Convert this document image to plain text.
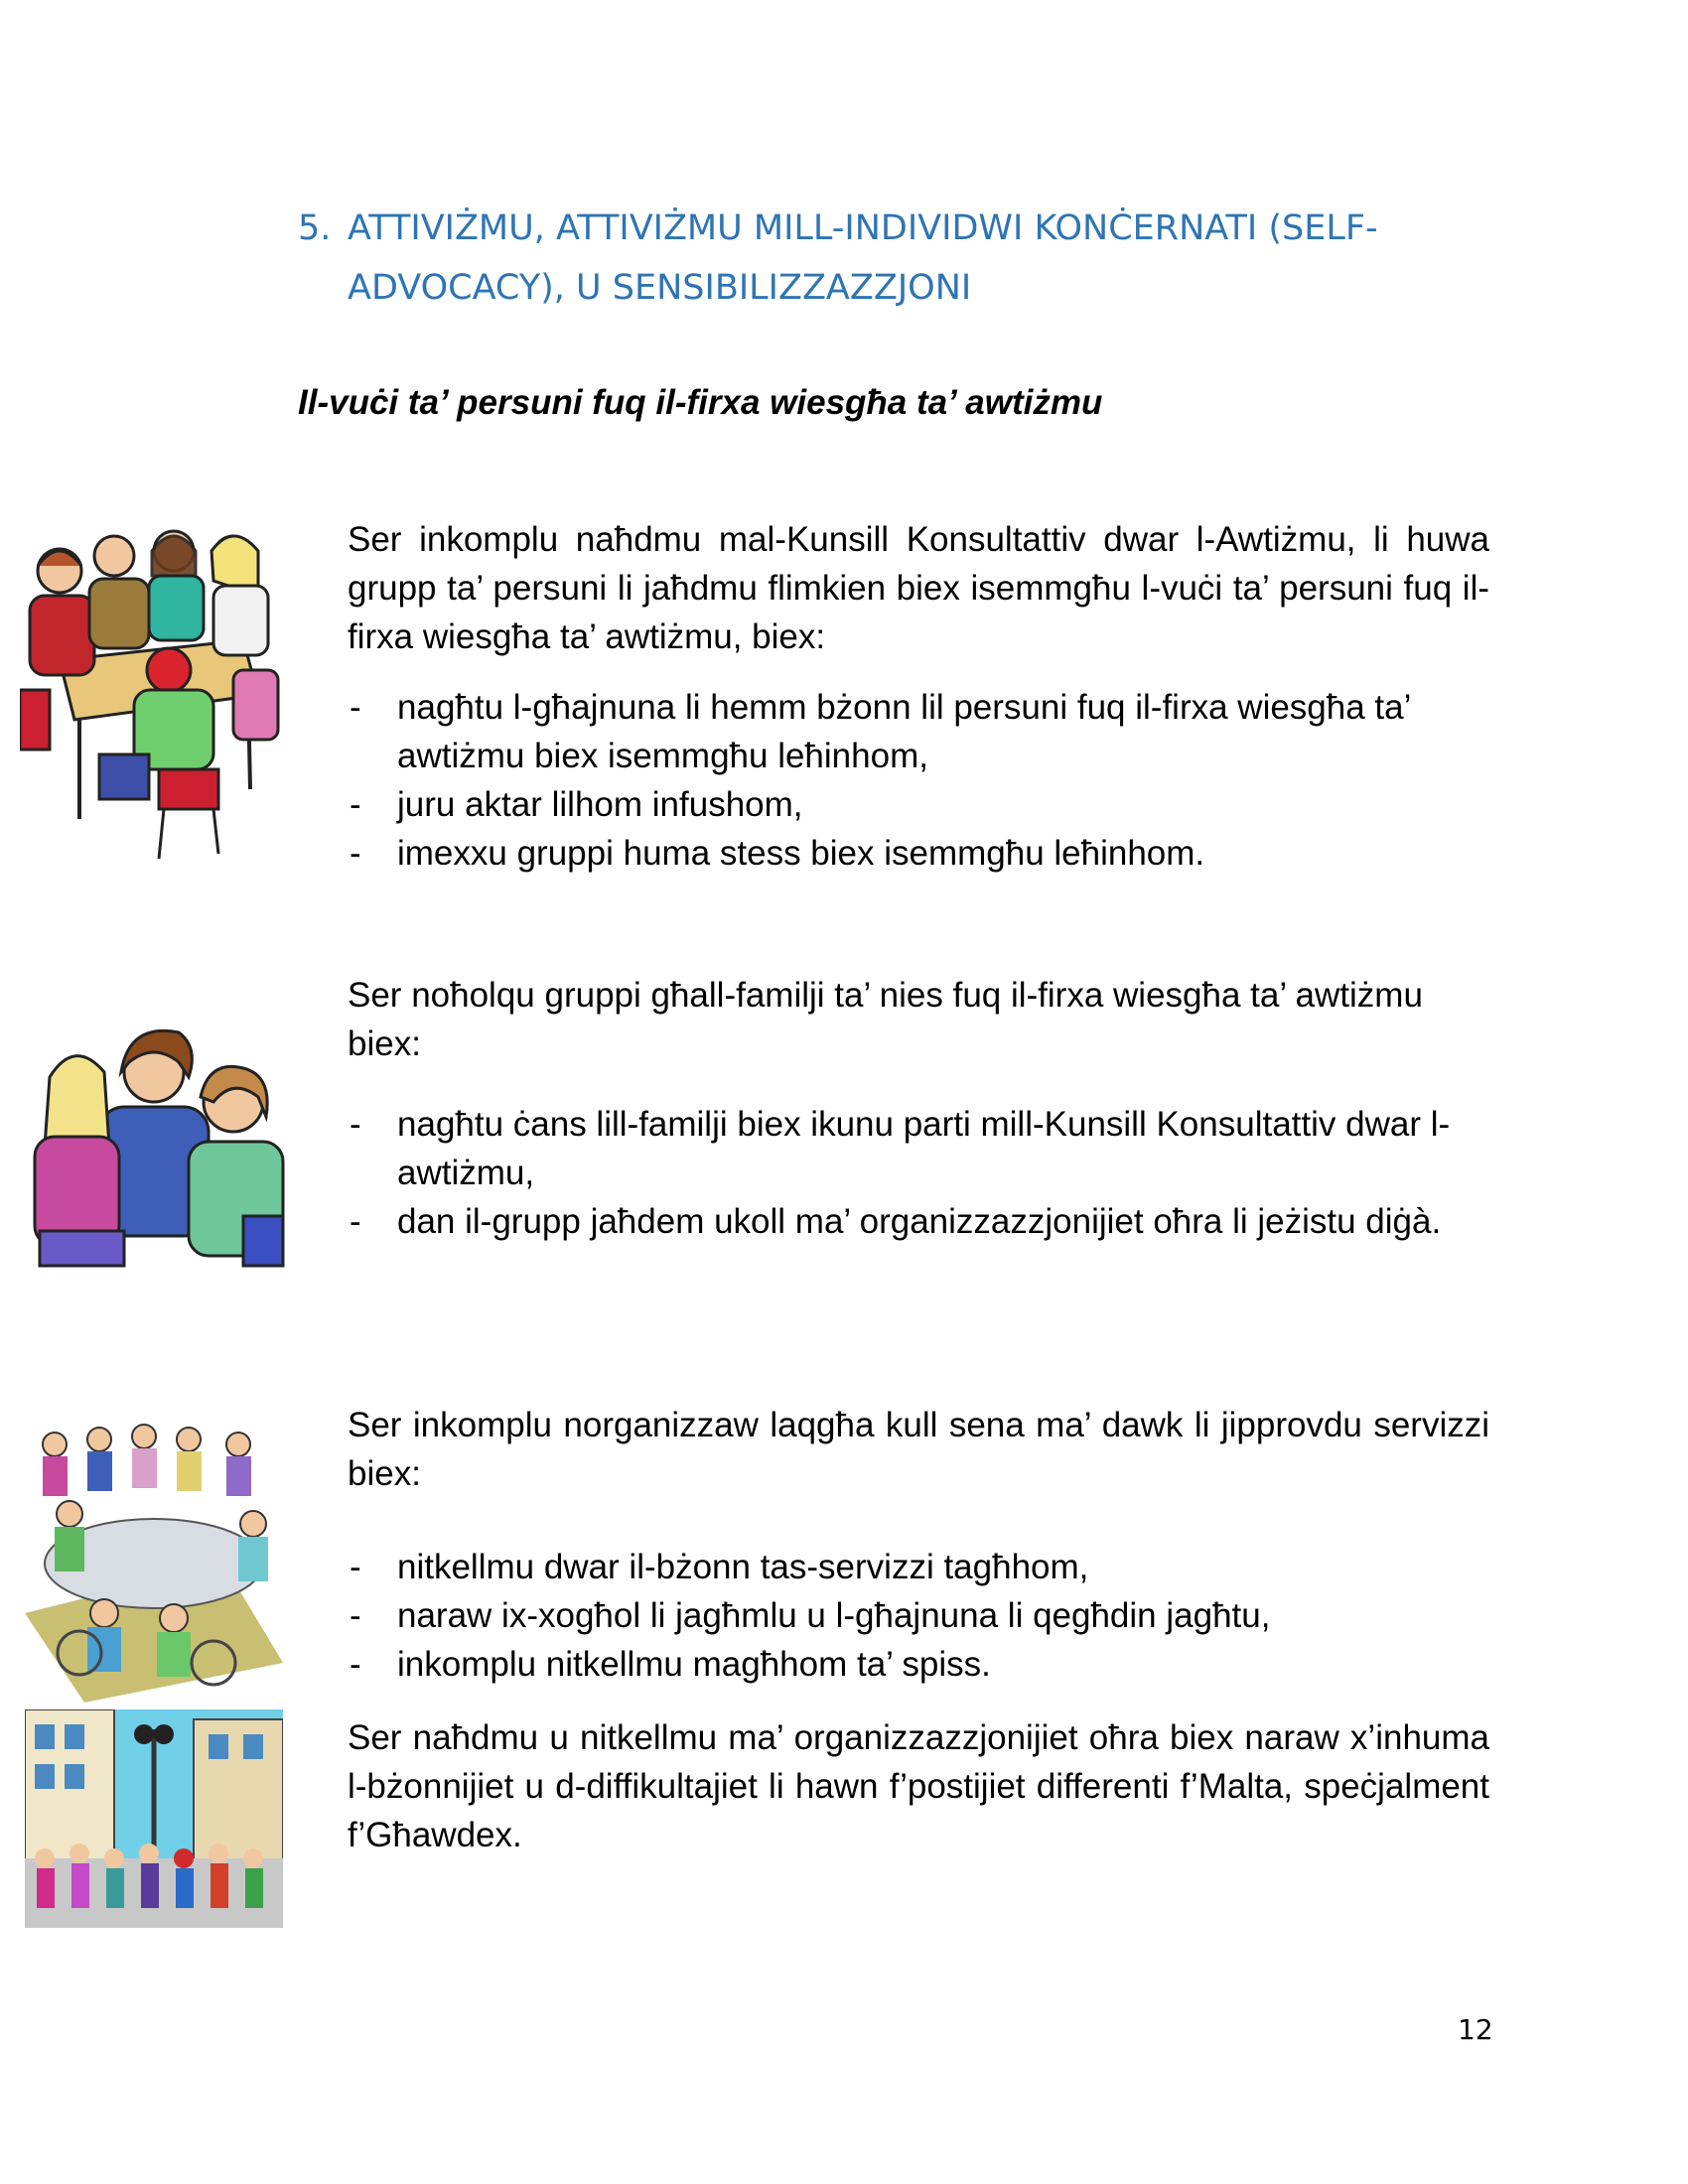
5. ATTIVIŻMU, ATTIVIŻMU MILL-INDIVIDWI KONĊERNATI (SELF-ADVOCACY), U SENSIBILIZZAZZJONI
Il-vuċi ta’ persuni fuq il-firxa wiesgħa ta’ awtiżmu
Ser inkomplu naħdmu mal-Kunsill Konsultattiv dwar l-Awtiżmu, li huwa grupp ta’ persuni li jaħdmu flimkien biex isemmgħu l-vuċi ta’ persuni fuq il-firxa wiesgħa ta’ awtiżmu, biex:
- nagħtu l-għajnuna li hemm bżonn lil persuni fuq il-firxa wiesgħa ta’ awtiżmu biex isemmgħu leħinhom,
- juru aktar lilhom infushom,
- imexxu gruppi huma stess biex isemmgħu leħinhom.
Ser noħolqu gruppi għall-familji ta’ nies fuq il-firxa wiesgħa ta’ awtiżmu biex:
- nagħtu ċans lill-familji biex ikunu parti mill-Kunsill Konsultattiv dwar l-awtiżmu,
- dan il-grupp jaħdem ukoll ma’ organizzazzjonijiet oħra li jeżistu diġà.
Ser inkomplu norganizzaw laqgħa kull sena ma’ dawk li jipprovdu servizzi biex:
- nitkellmu dwar il-bżonn tas-servizzi tagħhom,
- naraw ix-xogħol li jagħmlu u l-għajnuna li qegħdin jagħtu,
- inkomplu nitkellmu magħhom ta’ spiss.
Ser naħdmu u nitkellmu ma’ organizzazzjonijiet oħra biex naraw x’inhuma l-bżonnijiet u d-diffikultajiet li hawn f’postijiet differenti f’Malta, speċjalment f’Għawdex.
12
